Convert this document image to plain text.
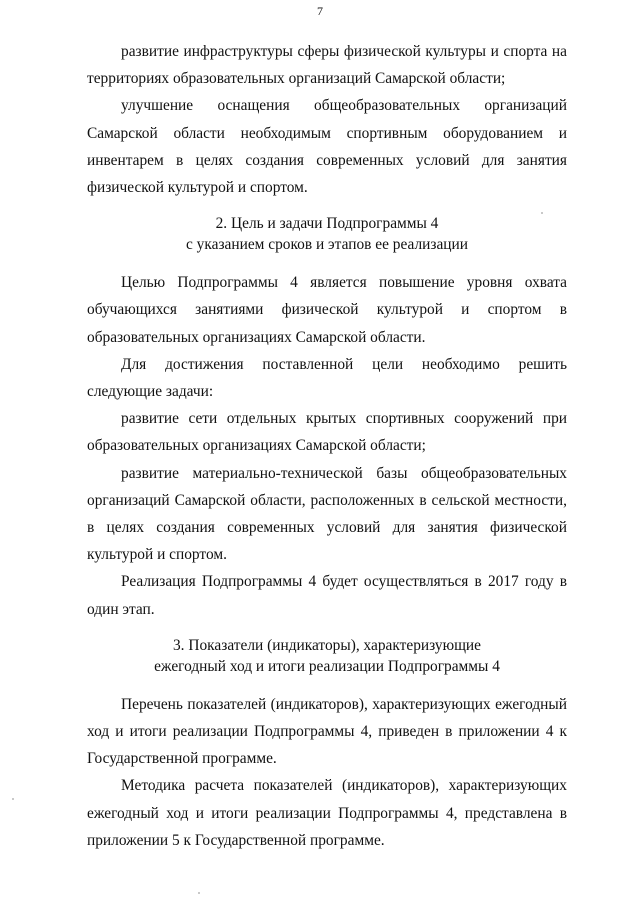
7

развитие инфраструктуры сферы физической культуры и спорта на территориях образовательных организаций Самарской области;

улучшение оснащения общеобразовательных организаций Самарской области необходимым спортивным оборудованием и инвентарем в целях создания современных условий для занятия физической культурой и спортом.

2. Цель и задачи Подпрограммы 4
с указанием сроков и этапов ее реализации

Целью Подпрограммы 4 является повышение уровня охвата обучающихся занятиями физической культурой и спортом в образовательных организациях Самарской области.

Для достижения поставленной цели необходимо решить следующие задачи:

развитие сети отдельных крытых спортивных сооружений при образовательных организациях Самарской области;

развитие материально-технической базы общеобразовательных организаций Самарской области, расположенных в сельской местности, в целях создания современных условий для занятия физической культурой и спортом.

Реализация Подпрограммы 4 будет осуществляться в 2017 году в один этап.

3. Показатели (индикаторы), характеризующие
ежегодный ход и итоги реализации Подпрограммы 4

Перечень показателей (индикаторов), характеризующих ежегодный ход и итоги реализации Подпрограммы 4, приведен в приложении 4 к Государственной программе.

Методика расчета показателей (индикаторов), характеризующих ежегодный ход и итоги реализации Подпрограммы 4, представлена в приложении 5 к Государственной программе.
